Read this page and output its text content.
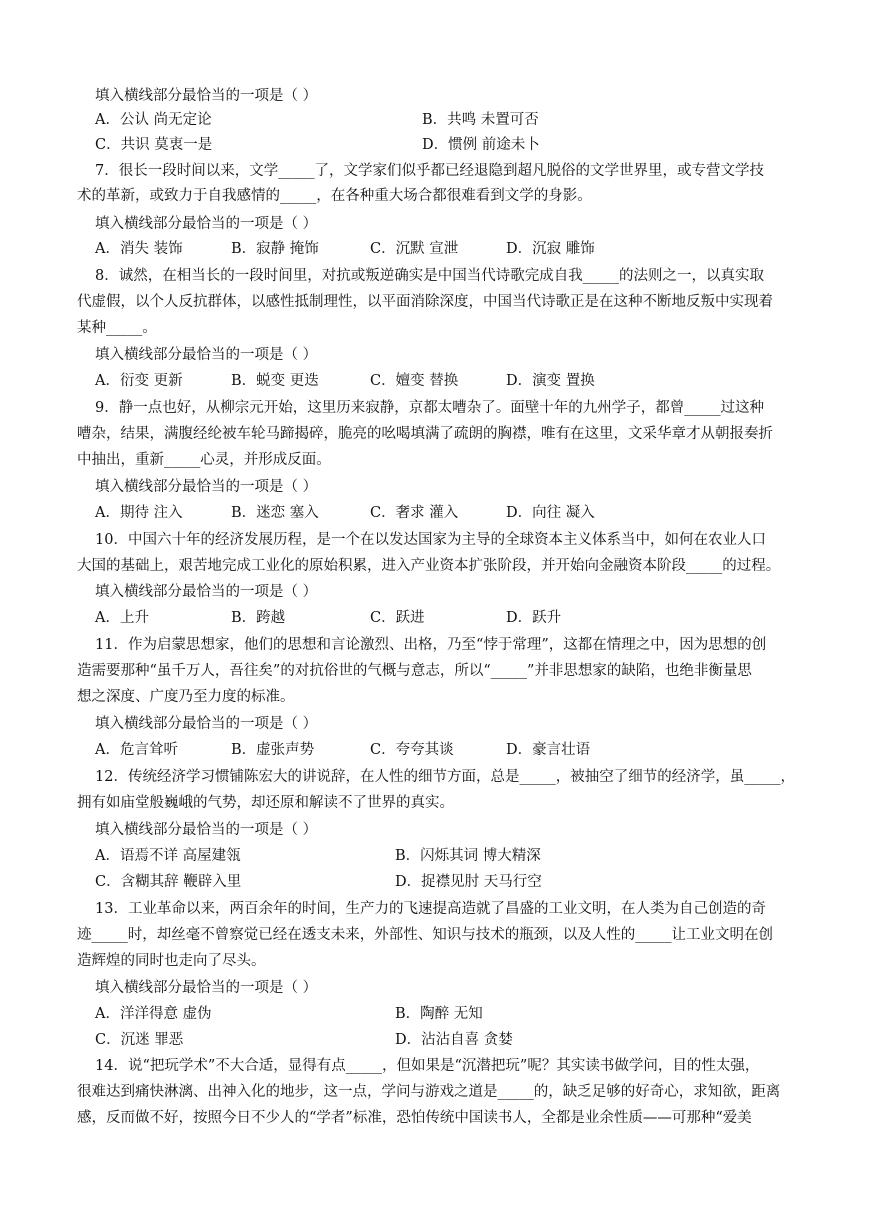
填入横线部分最恰当的一项是（ ）
A．公认 尚无定论	B．共鸣 未置可否
C．共识 莫衷一是	D．惯例 前途未卜
7．很长一段时间以来，文学_____了，文学家们似乎都已经退隐到超凡脱俗的文学世界里，或专营文学技
术的革新，或致力于自我感情的_____，在各种重大场合都很难看到文学的身影。
填入横线部分最恰当的一项是（ ）
A．消失 装饰	B．寂静 掩饰	C．沉默 宣泄	D．沉寂 雕饰
8．诚然，在相当长的一段时间里，对抗或叛逆确实是中国当代诗歌完成自我_____的法则之一，以真实取
代虚假，以个人反抗群体，以感性抵制理性，以平面消除深度，中国当代诗歌正是在这种不断地反叛中实现着
某种_____。
填入横线部分最恰当的一项是（ ）
A．衍变 更新	B．蜕变 更迭	C．嬗变 替换	D．演变 置换
9．静一点也好，从柳宗元开始，这里历来寂静，京都太嘈杂了。面壁十年的九州学子，都曾_____过这种
嘈杂，结果，满腹经纶被车轮马蹄揭碎，脆亮的吆喝填满了疏朗的胸襟，唯有在这里，文采华章才从朝报奏折
中抽出，重新_____心灵，并形成反面。
填入横线部分最恰当的一项是（ ）
A．期待 注入	B．迷恋 塞入	C．奢求 灌入	D．向往 凝入
10．中国六十年的经济发展历程，是一个在以发达国家为主导的全球资本主义体系当中，如何在农业人口
大国的基础上，艰苦地完成工业化的原始积累，进入产业资本扩张阶段，并开始向金融资本阶段_____的过程。
填入横线部分最恰当的一项是（ ）
A．上升	B．跨越	C．跃进	D．跃升
11．作为启蒙思想家，他们的思想和言论激烈、出格，乃至“悖于常理”，这都在情理之中，因为思想的创
造需要那种“虽千万人，吾往矣”的对抗俗世的气概与意志，所以“_____”并非思想家的缺陷，也绝非衡量思
想之深度、广度乃至力度的标准。
填入横线部分最恰当的一项是（ ）
A．危言耸听	B．虚张声势	C．夸夸其谈	D．豪言壮语
12．传统经济学习惯铺陈宏大的讲说辞，在人性的细节方面，总是_____，被抽空了细节的经济学，虽_____，
拥有如庙堂般巍峨的气势，却还原和解读不了世界的真实。
填入横线部分最恰当的一项是（ ）
A．语焉不详 高屋建瓴	B．闪烁其词 博大精深
C．含糊其辞 鞭辟入里	D．捉襟见肘 天马行空
13．工业革命以来，两百余年的时间，生产力的飞速提高造就了昌盛的工业文明，在人类为自己创造的奇
迹_____时，却丝毫不曾察觉已经在透支未来，外部性、知识与技术的瓶颈，以及人性的_____让工业文明在创
造辉煌的同时也走向了尽头。
填入横线部分最恰当的一项是（ ）
A．洋洋得意 虚伪	B．陶醉 无知
C．沉迷 罪恶	D．沾沾自喜 贪婪
14．说“把玩学术”不大合适，显得有点_____，但如果是“沉潜把玩”呢？其实读书做学问，目的性太强，
很难达到痛快淋漓、出神入化的地步，这一点，学问与游戏之道是_____的，缺乏足够的好奇心，求知欲，距离
感，反而做不好，按照今日不少人的“学者”标准，恐怕传统中国读书人，全都是业余性质——可那种“爱美
